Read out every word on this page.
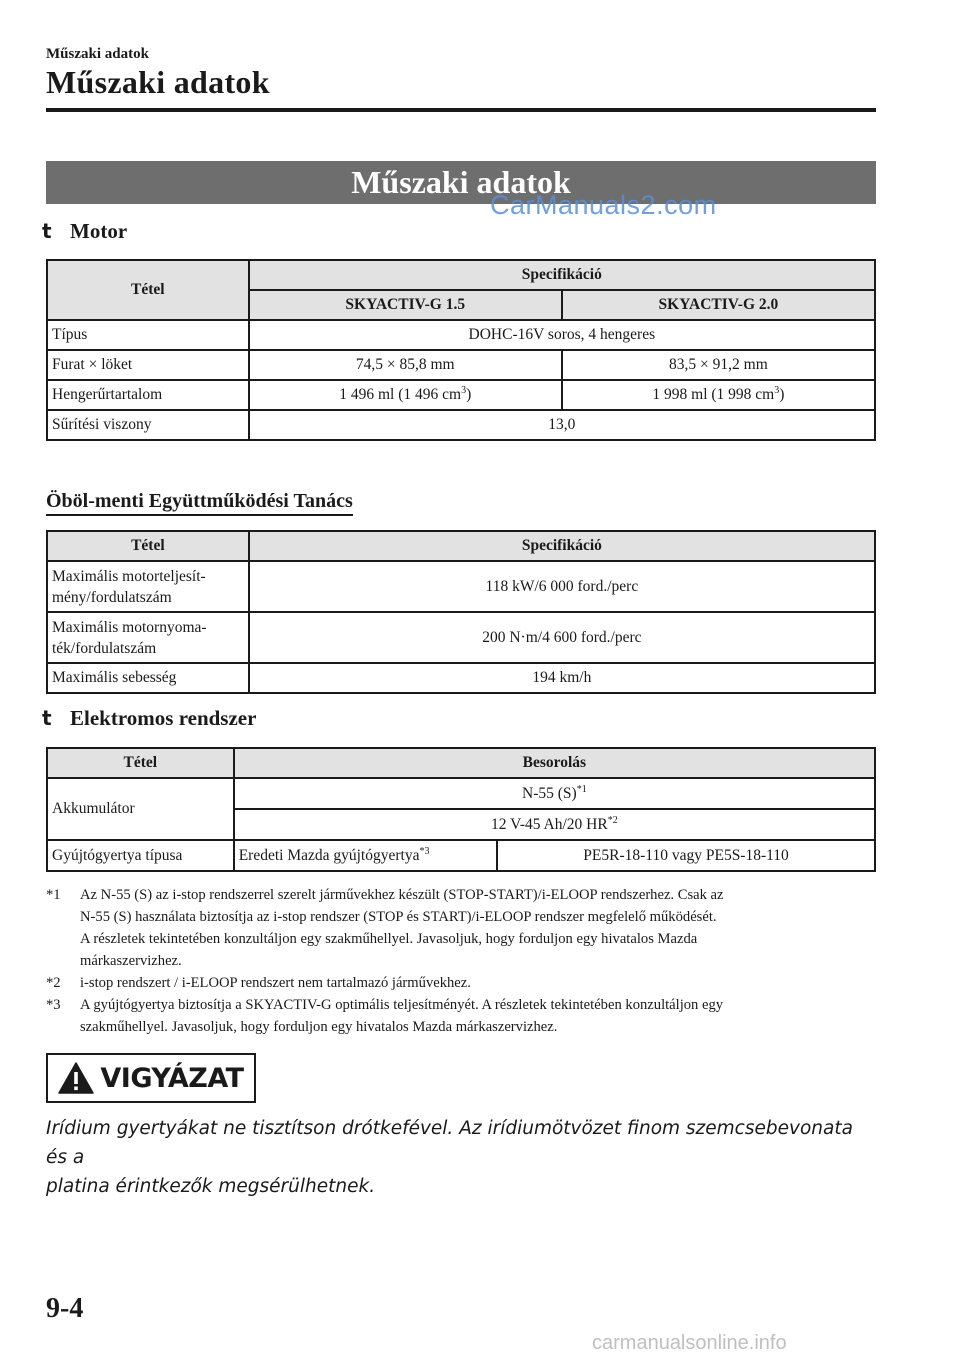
Műszaki adatok
Műszaki adatok
Műszaki adatok
CarManuals2.com
t Motor
Tétel	Specifikáció	
	SKYACTIV-G 1.5	SKYACTIV-G 2.0
Típus	DOHC-16V soros, 4 hengeres	
Furat × löket	74,5 × 85,8 mm	83,5 × 91,2 mm
Hengerűrtartalom	1 496 ml (1 496 $cm^3$)	1 998 ml (1 998 $cm^3$)
Sűrítési viszony	13,0	
Öböl-menti Együttműködési Tanács
Tétel	Specifikáció
Maximális motorteljesít-
mény/fordulatszám	118 kW/6 000 ford./perc
Maximális motornyoma-
ték/fordulatszám	200 N·m/4 600 ford./perc
Maximális sebesség	194 km/h
t Elektromos rendszer
Tétel	Besorolás	
Akkumulátor	N-55 $(S)^{*1}$
	12 V-45 Ah/20 HR$^{*2}$
Gyújtógyertya típusa	Eredeti Mazda gyújtógyertya$^{*3}$	PE5R-18-110 vagy PE5S-18-110
*1 Az N-55 (S) az i-stop rendszerrel szerelt járművekhez készült (STOP-START)/i-ELOOP rendszerhez. Csak az
N-55 (S) használata biztosítja az i-stop rendszer (STOP és START)/i-ELOOP rendszer megfelelő működését.
A részletek tekintetében konzultáljon egy szakműhellyel. Javasoljuk, hogy forduljon egy hivatalos Mazda
márkaszervizhez.
*2 i-stop rendszert / i-ELOOP rendszert nem tartalmazó járművekhez.
*3 A gyújtógyertya biztosítja a SKYACTIV-G optimális teljesítményét. A részletek tekintetében konzultáljon egy
szakműhellyel. Javasoljuk, hogy forduljon egy hivatalos Mazda márkaszervizhez.
VIGYÁZAT
Irídium gyertyákat ne tisztítson drótkefével. Az irídiumötvözet finom szemcsebevonata és a
platina érintkezők megsérülhetnek.
9-4
carmanualsonline.info
